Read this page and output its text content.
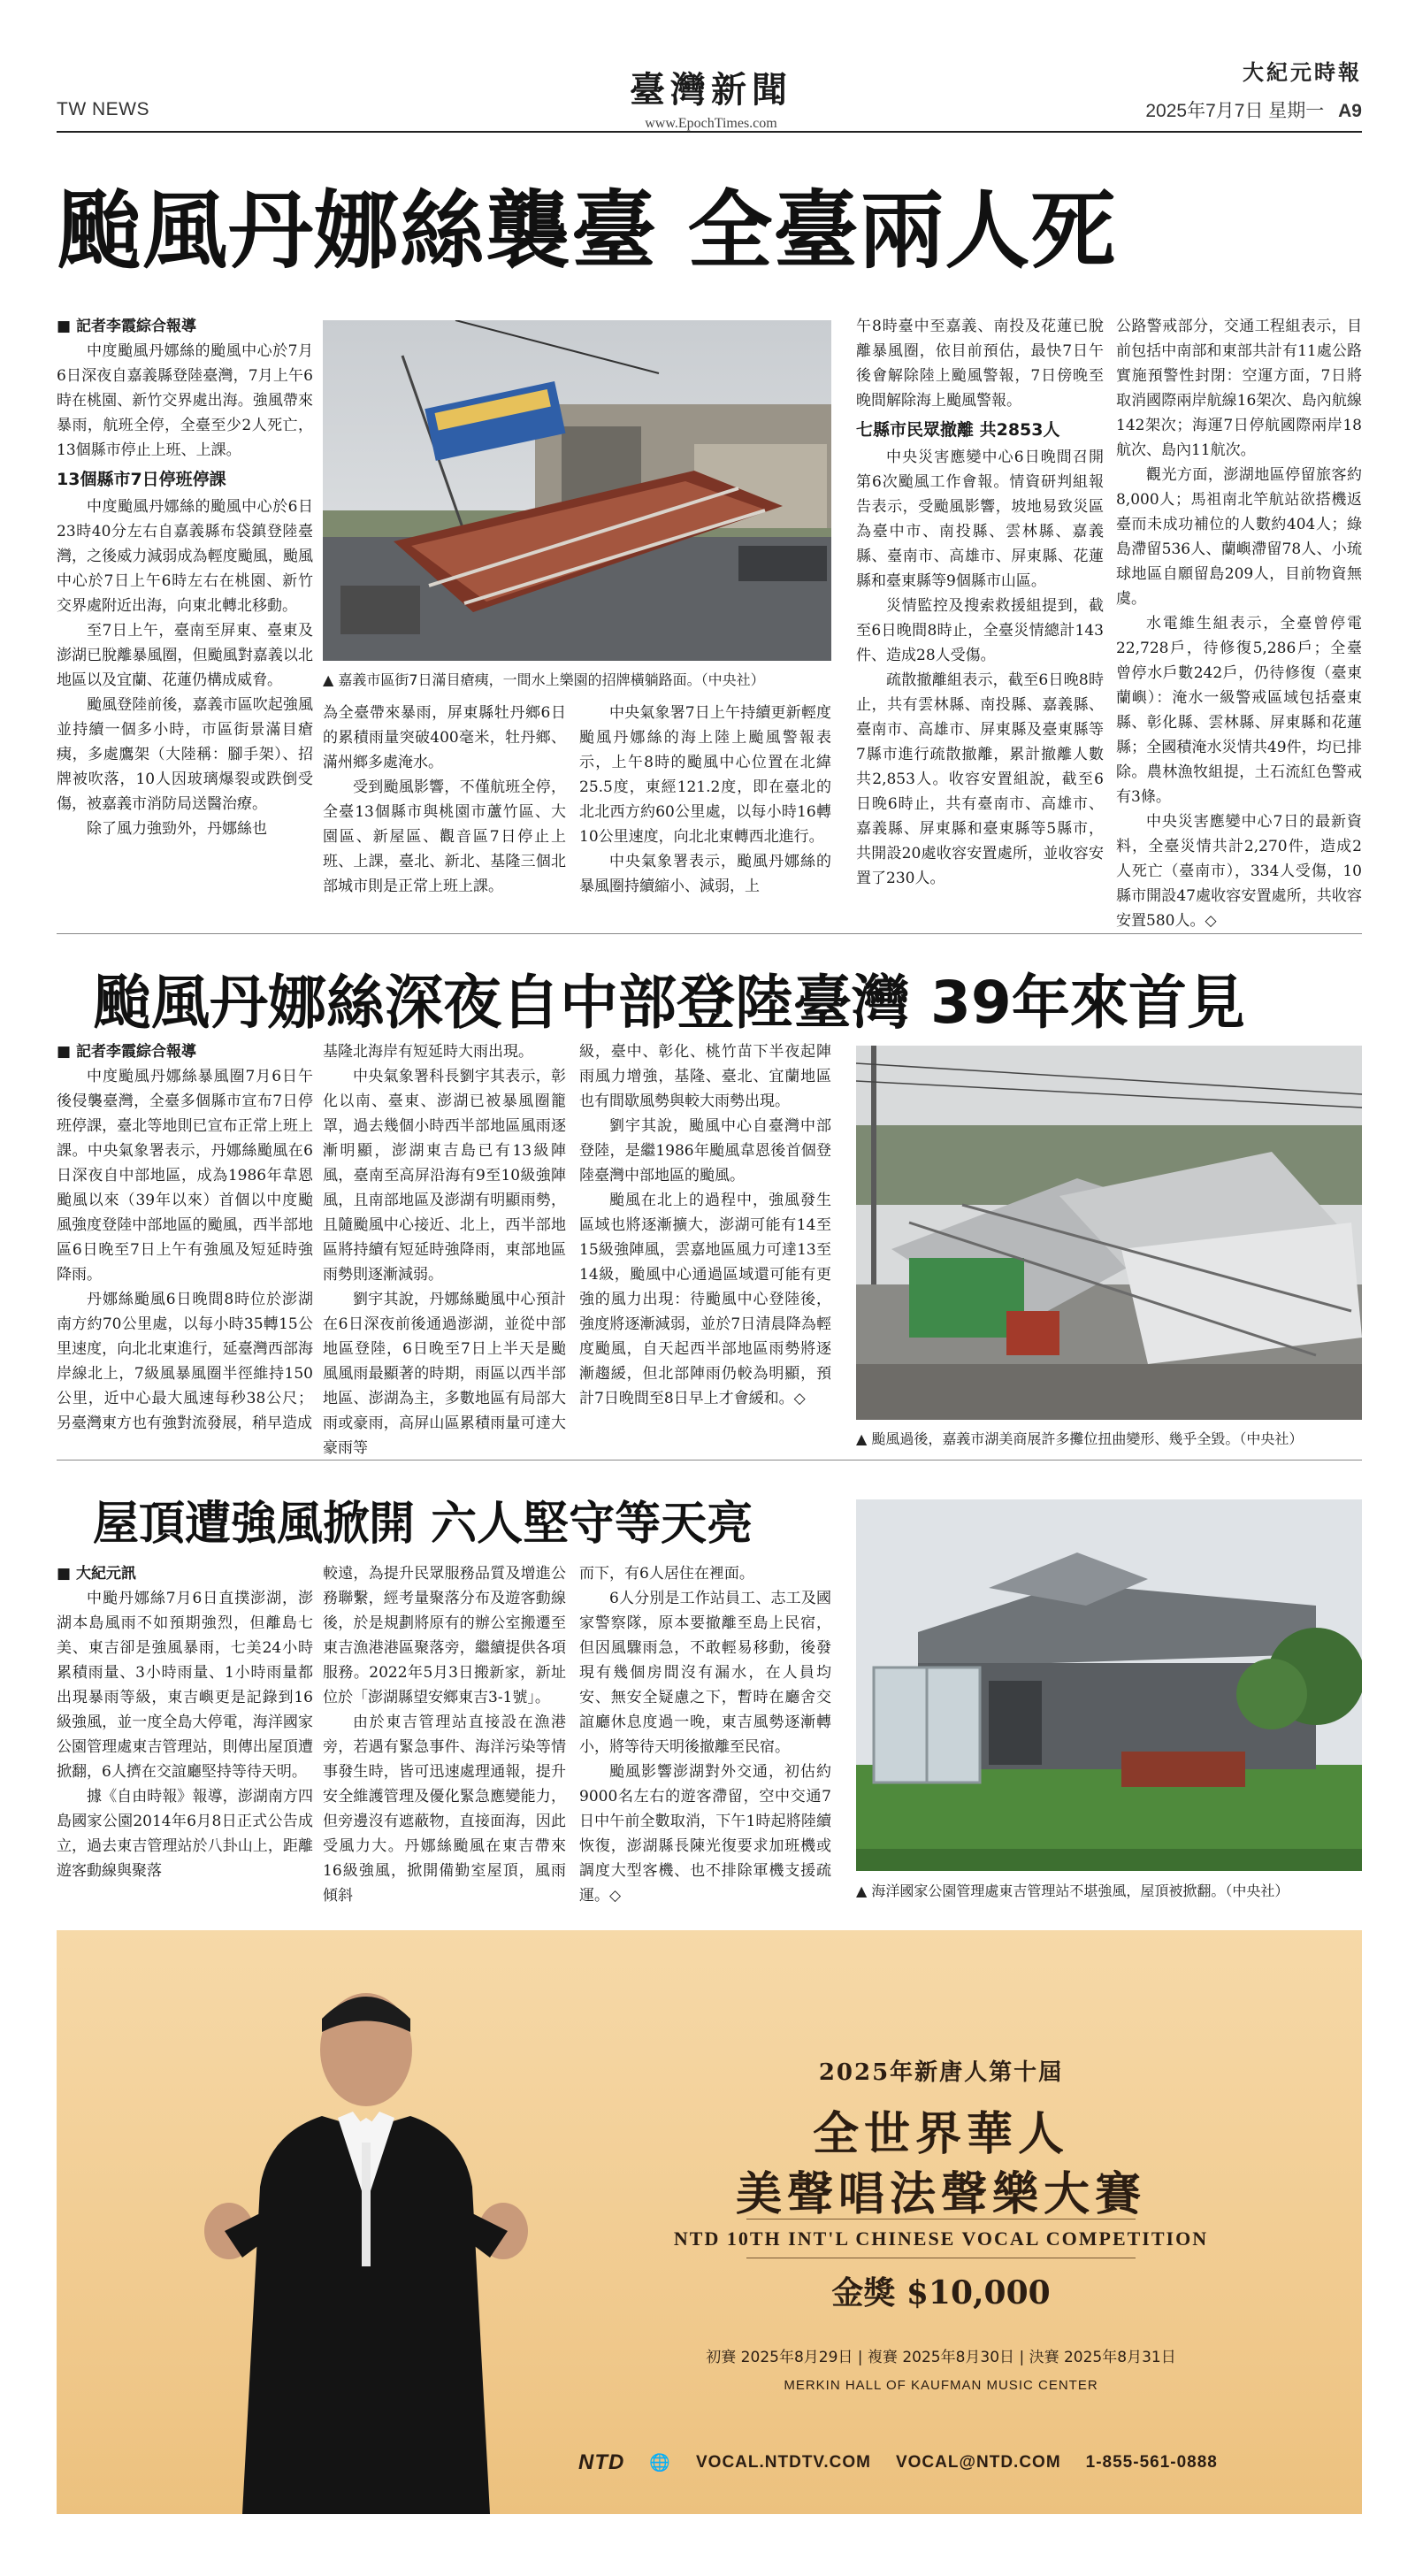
TW NEWS	臺灣新聞
www.EpochTimes.com
大紀元時報
2025年7月7日 星期一 A9
颱風丹娜絲襲臺 全臺兩人死
■ 記者李霞綜合報導

中度颱風丹娜絲的颱風中心於7月6日深夜自嘉義縣登陸臺灣，7月上午6時在桃園、新竹交界處出海。強風帶來暴雨，航班全停，全臺至少2人死亡，13個縣市停止上班、上課。

13個縣市7日停班停課

中度颱風丹娜絲的颱風中心於6日23時40分左右自嘉義縣布袋鎮登陸臺灣，之後威力減弱成為輕度颱風，颱風中心於7日上午6時左右在桃園、新竹交界處附近出海，向東北轉北移動。

至7日上午，臺南至屏東、臺東及澎湖已脫離暴風圈，但颱風對嘉義以北地區以及宜蘭、花蓮仍構成威脅。

颱風登陸前後，嘉義市區吹起強風並持續一個多小時，市區街景滿目瘡痍，多處鷹架（大陸稱：腳手架）、招牌被吹落，10人因玻璃爆裂或跌倒受傷，被嘉義市消防局送醫治療。

除了風力強勁外，丹娜絲也

▲ 嘉義市區街7日滿目瘡痍，一間水上樂園的招牌橫躺路面。（中央社）

為全臺帶來暴雨，屏東縣牡丹鄉6日的累積雨量突破400毫米，牡丹鄉、滿州鄉多處淹水。

受到颱風影響，不僅航班全停，全臺13個縣市與桃園市蘆竹區、大園區、新屋區、觀音區7日停止上班、上課，臺北、新北、基隆三個北部城市則是正常上班上課。

中央氣象署7日上午持續更新輕度颱風丹娜絲的海上陸上颱風警報表示，上午8時的颱風中心位置在北緯25.5度，東經121.2度，即在臺北的北北西方約60公里處，以每小時16轉10公里速度，向北北東轉西北進行。

中央氣象署表示，颱風丹娜絲的暴風圈持續縮小、減弱，上

午8時臺中至嘉義、南投及花蓮已脫離暴風圈，依目前預估，最快7日午後會解除陸上颱風警報，7日傍晚至晚間解除海上颱風警報。

七縣市民眾撤離 共2853人

中央災害應變中心6日晚間召開第6次颱風工作會報。情資研判組報告表示，受颱風影響，坡地易致災區為臺中市、南投縣、雲林縣、嘉義縣、臺南市、高雄市、屏東縣、花蓮縣和臺東縣等9個縣市山區。

災情監控及搜索救援組提到，截至6日晚間8時止，全臺災情總計143件、造成28人受傷。

疏散撤離組表示，截至6日晚8時止，共有雲林縣、南投縣、嘉義縣、臺南市、高雄市、屏東縣及臺東縣等7縣市進行疏散撤離，累計撤離人數共2,853人。收容安置組說，截至6日晚6時止，共有臺南市、高雄市、嘉義縣、屏東縣和臺東縣等5縣市，共開設20處收容安置處所，並收容安置了230人。

公路警戒部分，交通工程組表示，目前包括中南部和東部共計有11處公路實施預警性封閉：空運方面，7日將取消國際兩岸航線16架次、島內航線142架次；海運7日停航國際兩岸18航次、島內11航次。

觀光方面，澎湖地區停留旅客約8,000人；馬祖南北竿航站欲搭機返臺而未成功補位的人數約404人；綠島滯留536人、蘭嶼滯留78人、小琉球地區自願留島209人，目前物資無虞。

水電維生組表示，全臺曾停電22,728戶，待修復5,286戶；全臺曾停水戶數242戶，仍待修復（臺東蘭嶼）：淹水一級警戒區域包括臺東縣、彰化縣、雲林縣、屏東縣和花蓮縣；全國積淹水災情共49件，均已排除。農林漁牧組提，土石流紅色警戒有3條。

中央災害應變中心7日的最新資料，全臺災情共計2,270件，造成2人死亡（臺南市），334人受傷，10縣市開設47處收容安置處所，共收容安置580人。◇

颱風丹娜絲深夜自中部登陸臺灣 39年來首見
■ 記者李霞綜合報導

中度颱風丹娜絲暴風圈7月6日午後侵襲臺灣，全臺多個縣市宣布7日停班停課，臺北等地則已宣布正常上班上課。中央氣象署表示，丹娜絲颱風在6日深夜自中部地區，成為1986年韋恩颱風以來（39年以來）首個以中度颱風強度登陸中部地區的颱風，西半部地區6日晚至7日上午有強風及短延時強降雨。

丹娜絲颱風6日晚間8時位於澎湖南方約70公里處，以每小時35轉15公里速度，向北北東進行，延臺灣西部海岸線北上，7級風暴風圈半徑維持150公里，近中心最大風速每秒38公尺；另臺灣東方也有強對流發展，稍早造成

基隆北海岸有短延時大雨出現。

中央氣象署科長劉宇其表示，彰化以南、臺東、澎湖已被暴風圈籠罩，過去幾個小時西半部地區風雨逐漸明顯，澎湖東吉島已有13級陣風，臺南至高屏沿海有9至10級強陣風，且南部地區及澎湖有明顯雨勢，且隨颱風中心接近、北上，西半部地區將持續有短延時強降雨，東部地區雨勢則逐漸減弱。

劉宇其說，丹娜絲颱風中心預計在6日深夜前後通過澎湖，並從中部地區登陸，6日晚至7日上半天是颱風風雨最顯著的時期，雨區以西半部地區、澎湖為主，多數地區有局部大雨或豪雨，高屏山區累積雨量可達大豪雨等

級，臺中、彰化、桃竹苗下半夜起陣雨風力增強，基隆、臺北、宜蘭地區也有間歇風勢與較大雨勢出現。

劉宇其說，颱風中心自臺灣中部登陸，是繼1986年颱風韋恩後首個登陸臺灣中部地區的颱風。

颱風在北上的過程中，強風發生區域也將逐漸擴大，澎湖可能有14至15級強陣風，雲嘉地區風力可達13至14級，颱風中心通過區域還可能有更強的風力出現：待颱風中心登陸後，強度將逐漸減弱，並於7日清晨降為輕度颱風，自天起西半部地區雨勢將逐漸趨緩，但北部陣雨仍較為明顯，預計7日晚間至8日早上才會緩和。◇

▲ 颱風過後，嘉義市湖美商展許多攤位扭曲變形、幾乎全毀。（中央社）
屋頂遭強風掀開 六人堅守等天亮
■ 大紀元訊

中颱丹娜絲7月6日直撲澎湖，澎湖本島風雨不如預期強烈，但離島七美、東吉卻是強風暴雨，七美24小時累積雨量、3小時雨量、1小時雨量都出現暴雨等級，東吉嶼更是記錄到16級強風，並一度全島大停電，海洋國家公園管理處東吉管理站，則傳出屋頂遭掀翻，6人擠在交誼廳堅持等待天明。

據《自由時報》報導，澎湖南方四島國家公園2014年6月8日正式公告成立，過去東吉管理站於八卦山上，距離遊客動線與聚落

較遠，為提升民眾服務品質及增進公務聯繫，經考量聚落分布及遊客動線後，於是規劃將原有的辦公室搬遷至東吉漁港港區聚落旁，繼續提供各項服務。2022年5月3日搬新家，新址位於「澎湖縣望安鄉東吉3-1號」。

由於東吉管理站直接設在漁港旁，若遇有緊急事件、海洋污染等情事發生時，皆可迅速處理通報，提升安全維護管理及優化緊急應變能力，但旁邊沒有遮蔽物，直接面海，因此受風力大。丹娜絲颱風在東吉帶來16級強風，掀開備勤室屋頂，風雨傾斜

而下，有6人居住在裡面。

6人分別是工作站員工、志工及國家警察隊，原本要撤離至島上民宿，但因風驟雨急，不敢輕易移動，後發現有幾個房間沒有漏水，在人員均安、無安全疑慮之下，暫時在廳舍交誼廳休息度過一晚，東吉風勢逐漸轉小，將等待天明後撤離至民宿。

颱風影響澎湖對外交通，初估約9000名左右的遊客滯留，空中交通7日中午前全數取消，下午1時起將陸續恢復，澎湖縣長陳光復要求加班機或調度大型客機、也不排除軍機支援疏運。◇

▲	海洋國家公園管理處東吉管理站不堪強風，屋頂被掀翻。（中央社）
2025年新唐人第十屆
全世界華人
美聲唱法聲樂大賽
NTD 10TH INT'L CHINESE VOCAL COMPETITION
金獎 $10,000
初賽 2025年8月29日 | 複賽 2025年8月30日 | 決賽 2025年8月31日
MERKIN HALL OF KAUFMAN MUSIC CENTER
NTD 🌐 VOCAL.NTDTV.COM VOCAL@NTD.COM 1-855-561-0888
